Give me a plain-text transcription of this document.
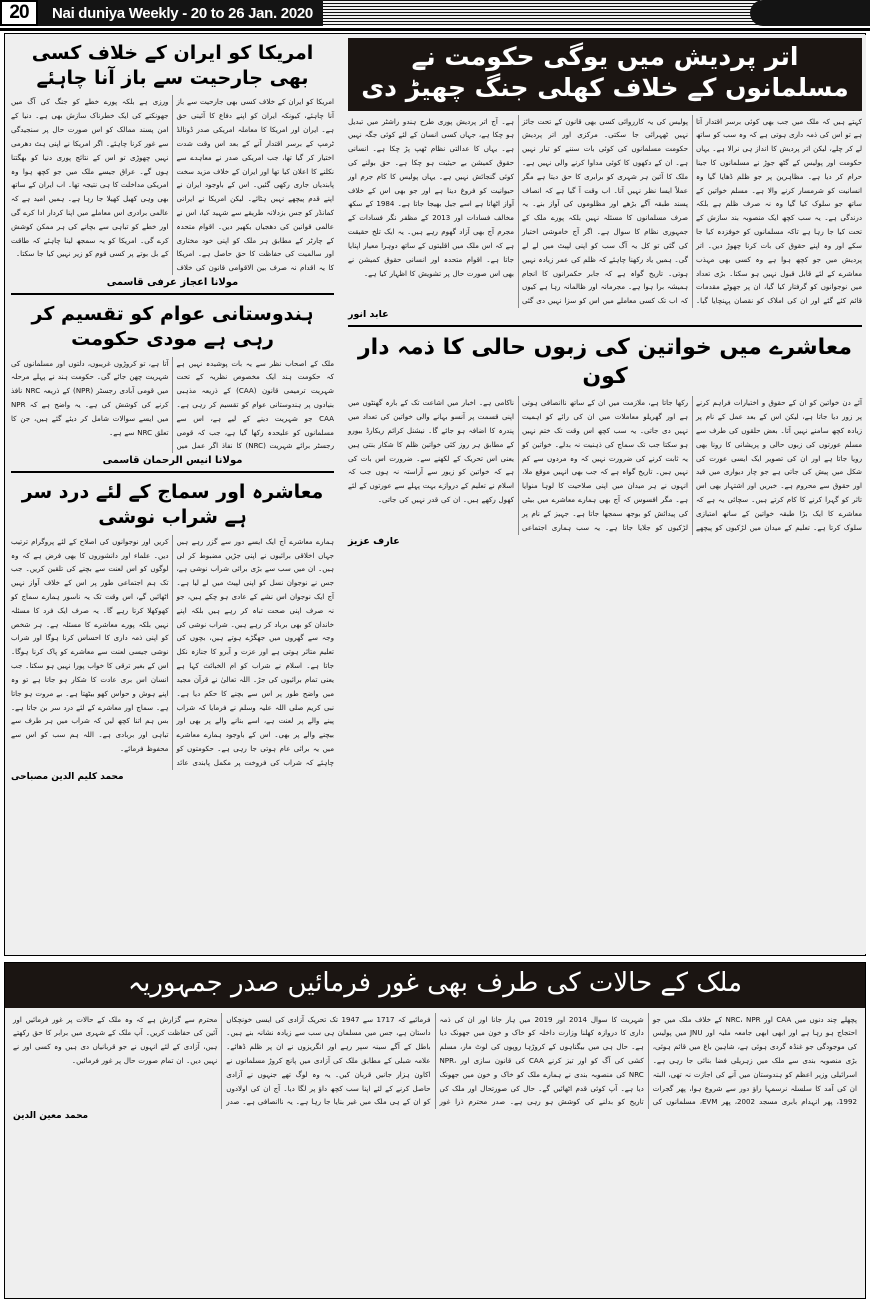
20	Nai duniya Weekly - 20 to 26 Jan. 2020
امریکا کو ایران کے خلاف کسی بھی جارحیت سے باز آنا چاہئے
امریکا کو ایران کے خلاف کسی بھی جارحیت سے باز آنا چاہئے، کیونکہ ایران کو اپنے دفاع کا آئینی حق ہے۔ ایران اور امریکا کا معاملہ امریکی صدر ڈونالڈ ٹرمپ کے برسر اقتدار آنے کے بعد اس وقت شدت اختیار کر گیا تھا، جب امریکی صدر نے معاہدے سے نکلنے کا اعلان کیا تھا اور ایران کے خلاف مزید سخت پابندیاں جاری رکھی گئیں۔ اس کے باوجود ایران نے اپنے قدم پیچھے نہیں ہٹائے۔ لیکن امریکا نے ایرانی کمانڈر کو جس بزدلانہ طریقے سے شہید کیا، اس نے عالمی قوانین کی دھجیاں بکھیر دیں۔ اقوام متحدہ کے چارٹر کے مطابق ہر ملک کو اپنی خود مختاری اور سالمیت کی حفاظت کا حق حاصل ہے۔ امریکا کا یہ اقدام نہ صرف بین الاقوامی قانون کی خلاف ورزی ہے بلکہ پورے خطے کو جنگ کی آگ میں جھونکنے کی ایک خطرناک سازش بھی ہے۔ دنیا کے امن پسند ممالک کو اس صورت حال پر سنجیدگی سے غور کرنا چاہئے۔ اگر امریکا نے اپنی ہٹ دھرمی نہیں چھوڑی تو اس کے نتائج پوری دنیا کو بھگتنا ہوں گے۔ عراق جیسے ملک میں جو کچھ ہوا وہ امریکی مداخلت کا ہی نتیجہ تھا۔ اب ایران کے ساتھ بھی وہی کھیل کھیلا جا رہا ہے۔ ہمیں امید ہے کہ عالمی برادری اس معاملے میں اپنا کردار ادا کرے گی اور خطے کو تباہی سے بچانے کی ہر ممکن کوشش کرے گی۔ امریکا کو یہ سمجھ لینا چاہئے کہ طاقت کے بل بوتے پر کسی قوم کو زیر نہیں کیا جا سکتا۔
مولانا اعجاز عرفی قاسمی
ہندوستانی عوام کو تقسیم کر رہی ہے مودی حکومت
ملک کے اصحاب نظر سے یہ بات پوشیدہ نہیں ہے کہ حکومت ہند ایک مخصوص نظریہ کے تحت شہریت ترمیمی قانون (CAA) کے ذریعہ مذہبی بنیادوں پر ہندوستانی عوام کو تقسیم کر رہی ہے۔ CAA جو شہریت دینے کے لیے ہے، اس سے مسلمانوں کو علیحدہ رکھا گیا ہے، جب کہ قومی رجسٹر برائے شہریت (NRC) کا نفاذ اگر عمل میں آتا ہے، تو کروڑوں غریبوں، دلتوں اور مسلمانوں کی شہریت چھن جائے گی۔ حکومت ہند نے پہلے مرحلہ میں قومی آبادی رجسٹر (NPR) کے ذریعہ NRC نافذ کرنے کی کوشش کی ہے۔ یہ واضح ہے کہ NPR میں ایسے سوالات شامل کر دیئے گئے ہیں، جن کا تعلق NRC سے ہے۔
مولانا انیس الرحمان قاسمی
معاشرہ اور سماج کے لئے درد سر ہے شراب نوشی
ہمارے معاشرے آج ایک ایسے دور سے گزر رہے ہیں جہاں اخلاقی برائیوں نے اپنی جڑیں مضبوط کر لی ہیں۔ ان میں سب سے بڑی برائی شراب نوشی ہے، جس نے نوجوان نسل کو اپنی لپیٹ میں لے لیا ہے۔ آج ایک نوجوان اس نشے کے عادی ہو چکے ہیں، جو نہ صرف اپنی صحت تباہ کر رہے ہیں بلکہ اپنے خاندان کو بھی برباد کر رہے ہیں۔ شراب نوشی کی وجہ سے گھروں میں جھگڑے ہوتے ہیں، بچوں کی تعلیم متاثر ہوتی ہے اور عزت و آبرو کا جنازہ نکل جاتا ہے۔ اسلام نے شراب کو ام الخبائث کہا ہے یعنی تمام برائیوں کی جڑ۔ اللہ تعالیٰ نے قرآن مجید میں واضح طور پر اس سے بچنے کا حکم دیا ہے۔ نبی کریم صلی اللہ علیہ وسلم نے فرمایا کہ شراب پینے والے پر لعنت ہے، اسے بنانے والے پر بھی اور بیچنے والے پر بھی۔ اس کے باوجود ہمارے معاشرے میں یہ برائی عام ہوتی جا رہی ہے۔ حکومتوں کو چاہئے کہ شراب کی فروخت پر مکمل پابندی عائد کریں اور نوجوانوں کی اصلاح کے لئے پروگرام ترتیب دیں۔ علماء اور دانشوروں کا بھی فرض ہے کہ وہ لوگوں کو اس لعنت سے بچنے کی تلقین کریں۔ جب تک ہم اجتماعی طور پر اس کے خلاف آواز نہیں اٹھائیں گے، اس وقت تک یہ ناسور ہمارے سماج کو کھوکھلا کرتا رہے گا۔ یہ صرف ایک فرد کا مسئلہ نہیں بلکہ پورے معاشرے کا مسئلہ ہے۔ ہر شخص کو اپنی ذمہ داری کا احساس کرنا ہوگا اور شراب نوشی جیسی لعنت سے معاشرے کو پاک کرنا ہوگا۔ اس کے بغیر ترقی کا خواب پورا نہیں ہو سکتا۔ جب انسان اس بری عادت کا شکار ہو جاتا ہے تو وہ اپنے ہوش و حواس کھو بیٹھتا ہے۔ بے مروت ہو جاتا ہے۔ سماج اور معاشرے کے لئے درد سر بن جاتا ہے۔ بس ہم اتنا کچھ لیں کہ شراب میں ہر طرف سے تباہی اور بربادی ہے۔ اللہ ہم سب کو اس سے محفوظ فرمائے۔
محمد کلیم الدین مصباحی
اتر پردیش میں یوگی حکومت نے مسلمانوں کے خلاف کھلی جنگ چھیڑ دی
کہتے ہیں کہ ملک میں جب بھی کوئی برسر اقتدار آتا ہے تو اس کی ذمہ داری ہوتی ہے کہ وہ سب کو ساتھ لے کر چلے، لیکن اتر پردیش کا انداز ہی نرالا ہے۔ یہاں حکومت اور پولیس کے گٹھ جوڑ نے مسلمانوں کا جینا حرام کر دیا ہے۔ مظاہرین پر جو ظلم ڈھایا گیا وہ انسانیت کو شرمسار کرنے والا ہے۔ مسلم خواتین کے ساتھ جو سلوک کیا گیا وہ نہ صرف ظلم ہے بلکہ درندگی ہے۔ یہ سب کچھ ایک منصوبہ بند سازش کے تحت کیا جا رہا ہے تاکہ مسلمانوں کو خوفزدہ کیا جا سکے اور وہ اپنے حقوق کی بات کرنا چھوڑ دیں۔ اتر پردیش میں جو کچھ ہوا ہے وہ کسی بھی مہذب معاشرے کے لئے قابل قبول نہیں ہو سکتا۔ بڑی تعداد میں نوجوانوں کو گرفتار کیا گیا، ان پر جھوٹے مقدمات قائم کئے گئے اور ان کی املاک کو نقصان پہنچایا گیا۔ پولیس کی یہ کارروائی کسی بھی قانون کے تحت جائز نہیں ٹھہرائی جا سکتی۔ مرکزی اور اتر پردیش حکومت مسلمانوں کی کوئی بات سننے کو تیار نہیں ہے۔ ان کے دکھوں کا کوئی مداوا کرنے والی نہیں ہے۔ ملک کا آئین ہر شہری کو برابری کا حق دیتا ہے مگر عملاً ایسا نظر نہیں آتا۔ اب وقت آ گیا ہے کہ انصاف پسند طبقہ آگے بڑھے اور مظلوموں کی آواز بنے۔ یہ صرف مسلمانوں کا مسئلہ نہیں بلکہ پورے ملک کے جمہوری نظام کا سوال ہے۔ اگر آج خاموشی اختیار کی گئی تو کل یہ آگ سب کو اپنی لپیٹ میں لے لے گی۔ ہمیں یاد رکھنا چاہئے کہ ظلم کی عمر زیادہ نہیں ہوتی۔ تاریخ گواہ ہے کہ جابر حکمرانوں کا انجام ہمیشہ برا ہوا ہے۔ مجرمانہ اور ظالمانہ رہا ہے کیوں کہ اب تک کسی معاملے میں اس کو سزا نہیں دی گئی ہے۔ آج اتر پردیش پوری طرح ہندو راشٹر میں تبدیل ہو چکا ہے، جہاں کسی انسان کے لئے کوئی جگہ نہیں ہے۔ یہاں کا عدالتی نظام ٹھپ پڑ چکا ہے۔ انسانی حقوق کمیشن بے حیثیت ہو چکا ہے۔ حق بولنے کی کوئی گنجائش نہیں ہے۔ یہاں پولیس کا کام جرم اور حیوانیت کو فروغ دینا ہے اور جو بھی اس کے خلاف آواز اٹھاتا ہے اسے جیل بھیجا جاتا ہے۔ 1984 کے سکھ مخالف فسادات اور 2013 کے مظفر نگر فسادات کے مجرم آج بھی آزاد گھوم رہے ہیں۔ یہ ایک تلخ حقیقت ہے کہ اس ملک میں اقلیتوں کے ساتھ دوہرا معیار اپنایا جاتا ہے۔ اقوام متحدہ اور انسانی حقوق کمیشن نے بھی اس صورت حال پر تشویش کا اظہار کیا ہے۔
عابد انور
معاشرے میں خواتین کی زبوں حالی کا ذمہ دار کون
آئے دن خواتین کو ان کے حقوق و اختیارات فراہم کرنے پر زور دیا جاتا ہے، لیکن اس کے بعد عمل کے نام پر زیادہ کچھ سامنے نہیں آتا۔ بعض حلقوں کی طرف سے مسلم عورتوں کی زبوں حالی و پریشانی کا رونا بھی رویا جاتا ہے اور ان کی تصویر ایک ایسی عورت کی شکل میں پیش کی جاتی ہے جو چار دیواری میں قید اور حقوق سے محروم ہے۔ خبریں اور اشتہار بھی اس تاثر کو گہرا کرنے کا کام کرتے ہیں۔ سچائی یہ ہے کہ معاشرے کا ایک بڑا طبقہ خواتین کے ساتھ امتیازی سلوک کرتا ہے۔ تعلیم کے میدان میں لڑکیوں کو پیچھے رکھا جاتا ہے، ملازمت میں ان کے ساتھ ناانصافی ہوتی ہے اور گھریلو معاملات میں ان کی رائے کو اہمیت نہیں دی جاتی۔ یہ سب کچھ اس وقت تک ختم نہیں ہو سکتا جب تک سماج کی ذہنیت نہ بدلے۔ خواتین کو یہ ثابت کرنے کی ضرورت نہیں کہ وہ مردوں سے کم نہیں ہیں۔ تاریخ گواہ ہے کہ جب بھی انہیں موقع ملا، انہوں نے ہر میدان میں اپنی صلاحیت کا لوہا منوایا ہے۔ مگر افسوس کہ آج بھی ہمارے معاشرے میں بیٹی کی پیدائش کو بوجھ سمجھا جاتا ہے۔ جہیز کے نام پر لڑکیوں کو جلایا جاتا ہے۔ یہ سب ہماری اجتماعی ناکامی ہے۔ اخبار میں اشاعت تک کے بارہ گھنٹوں میں اپنی قسمت پر آنسو بہانے والی خواتین کی تعداد میں پندرہ کا اضافہ ہو جائے گا۔ نیشنل کرائم ریکارڈ بیورو کے مطابق ہر روز کئی خواتین ظلم کا شکار بنتی ہیں یعنی اس تحریک کے لکھنے سے۔ ضرورت اس بات کی ہے کہ خواتین کو زیور سے آراستہ نہ ہوں جب کہ اسلام نے تعلیم کے دروازے بہت پہلے سے عورتوں کے لئے کھول رکھے ہیں۔ ان کی قدر نہیں کی جاتی۔
عارف عزیز
ملک کے حالات کی طرف بھی غور فرمائیں صدر جمہوریہ
پچھلے چند دنوں میں CAA اور NRC، NPR کے خلاف ملک میں جو احتجاج ہو رہا ہے اور ابھی ابھی جامعہ ملیہ اور JNU میں پولیس کی موجودگی جو غنڈہ گردی ہوئی ہے، شاہین باغ میں قائم ہوئی، بڑی منصوبہ بندی سے ملک میں زہریلی فضا بنائی جا رہی ہے۔ اسرائیلی وزیر اعظم کو ہندوستان میں آنے کی اجازت نہ تھی، البتہ ان کی آمد کا سلسلہ نرسمہا راؤ دور سے شروع ہوا، پھر گجرات 1992، پھر انہدام بابری مسجد 2002، پھر EVM، مسلمانوں کی شہریت کا سوال 2014 اور 2019 میں ہار جانا اور ان کی ذمہ داری کا دروازہ کھلنا وزارت داخلہ کو خاک و خون میں جھونک دیا ہے۔ حال ہی میں بیگناہوں کے کروڑہا روپوں کی لوٹ مار، مسلم کشی کی آگ کو اور تیز کرنے CAA کی قانون سازی اور NPR، NRC کی منصوبہ بندی نے ہمارے ملک کو خاک و خون میں جھونک دیا ہے۔ آپ کوئی قدم اٹھائیں گے۔ حال کی صورتحال اور ملک کی تاریخ کو بدلنے کی کوشش ہو رہی ہے۔ صدر محترم ذرا غور فرمائیے کہ 1717 سے 1947 تک تحریک آزادی کی ایسی خونچکاں داستان ہے، جس میں مسلمان ہی سب سے زیادہ نشانہ بنے ہیں۔ باطل کے آگے سینہ سپر رہے اور انگریزوں نے ان پر ظلم ڈھائے۔ علامہ شبلی کے مطابق ملک کی آزادی میں پانچ کروڑ مسلمانوں نے اکاون ہزار جانیں قربان کیں۔ یہ وہ لوگ تھے جنہوں نے آزادی حاصل کرنے کے لئے اپنا سب کچھ داؤ پر لگا دیا۔ آج ان کی اولادوں کو ان کے ہی ملک میں غیر بنایا جا رہا ہے۔ یہ ناانصافی ہے۔ صدر محترم سے گزارش ہے کہ وہ ملک کے حالات پر غور فرمائیں اور آئین کی حفاظت کریں۔ آپ ملک کے شہری میں برابر کا حق رکھتے ہیں، آزادی کے لئے انہوں نے جو قربانیاں دی ہیں وہ کسی اور نے نہیں دیں۔ ان تمام صورت حال پر غور فرمائیں۔
محمد معین الدین
